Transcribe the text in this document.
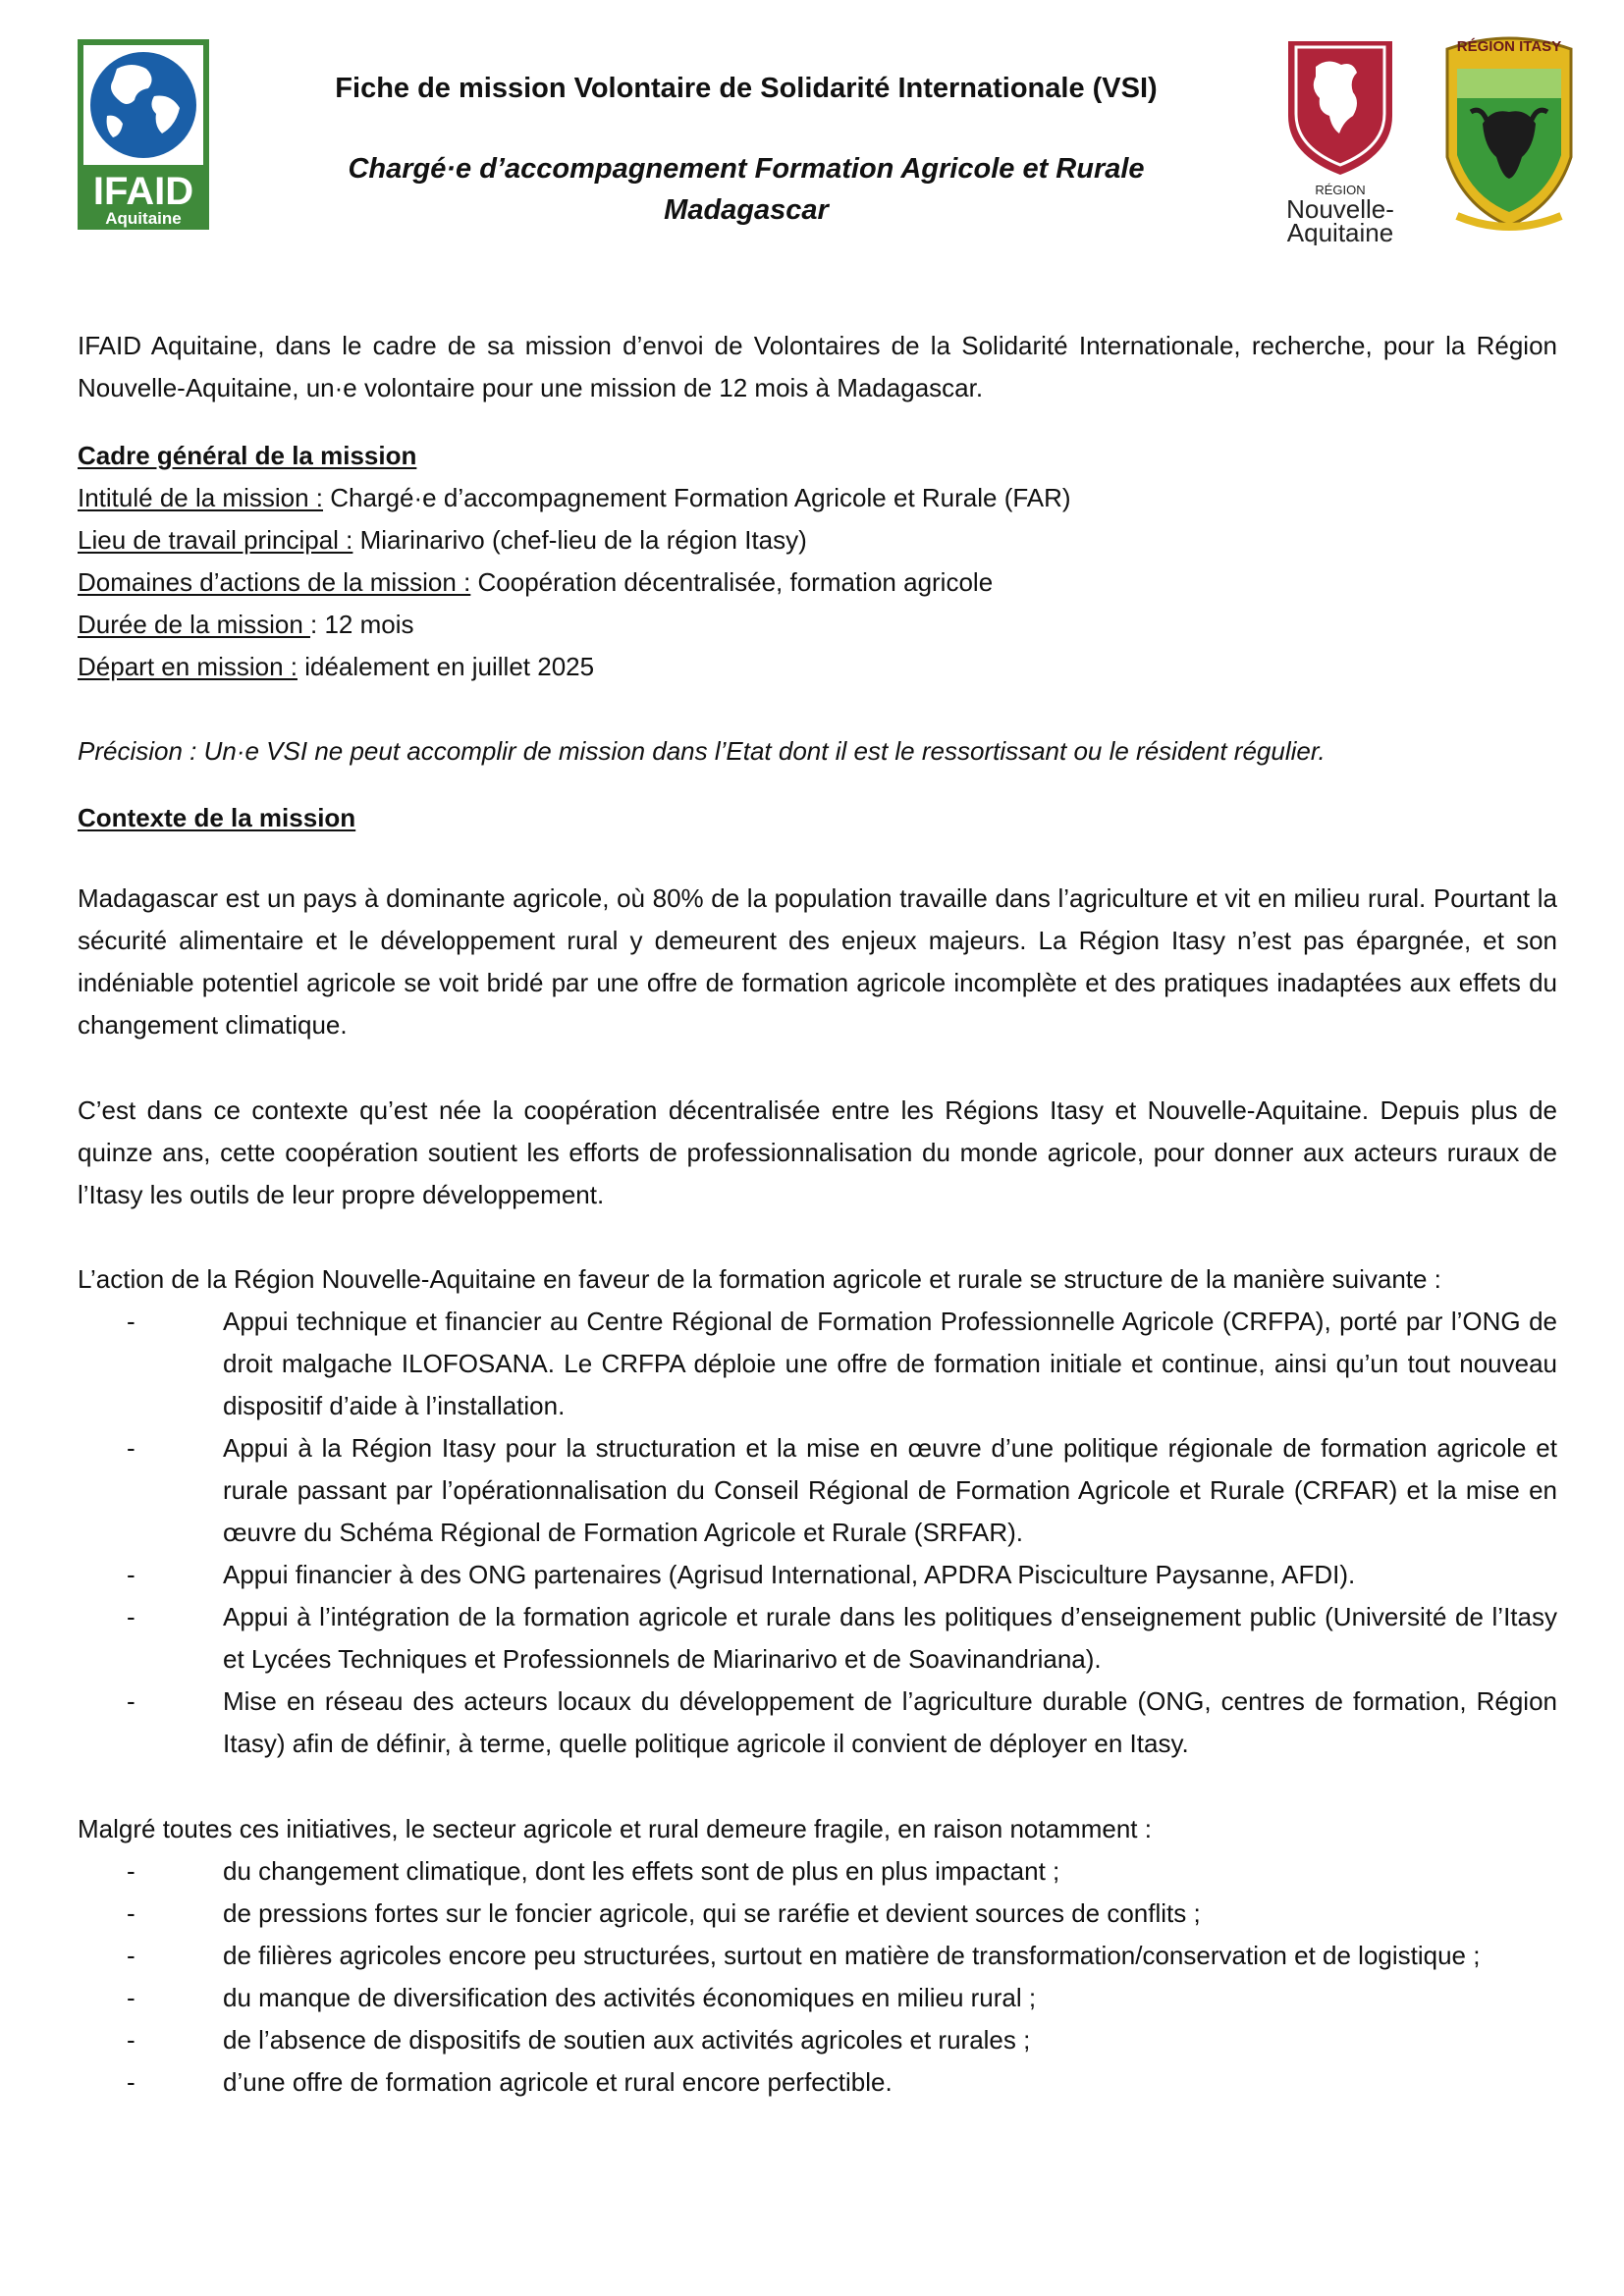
IFAID
Aquitaine
Fiche de mission Volontaire de Solidarité Internationale (VSI)
Chargé·e d’accompagnement Formation Agricole et Rurale
Madagascar
RÉGION
Nouvelle-
Aquitaine
RÉGION ITASY
IFAID Aquitaine, dans le cadre de sa mission d’envoi de Volontaires de la Solidarité Internationale, recherche, pour la Région Nouvelle-Aquitaine, un·e volontaire pour une mission de 12 mois à Madagascar.
Cadre général de la mission
Intitulé de la mission : Chargé·e d’accompagnement Formation Agricole et Rurale (FAR)
Lieu de travail principal : Miarinarivo (chef-lieu de la région Itasy)
Domaines d’actions de la mission : Coopération décentralisée, formation agricole
Durée de la mission : 12 mois
Départ en mission : idéalement en juillet 2025
Précision : Un·e VSI ne peut accomplir de mission dans l’Etat dont il est le ressortissant ou le résident régulier.
Contexte de la mission
Madagascar est un pays à dominante agricole, où 80% de la population travaille dans l’agriculture et vit en milieu rural. Pourtant la sécurité alimentaire et le développement rural y demeurent des enjeux majeurs. La Région Itasy n’est pas épargnée, et son indéniable potentiel agricole se voit bridé par une offre de formation agricole incomplète et des pratiques inadaptées aux effets du changement climatique.
C’est dans ce contexte qu’est née la coopération décentralisée entre les Régions Itasy et Nouvelle-Aquitaine. Depuis plus de quinze ans, cette coopération soutient les efforts de professionnalisation du monde agricole, pour donner aux acteurs ruraux de l’Itasy les outils de leur propre développement.
L’action de la Région Nouvelle-Aquitaine en faveur de la formation agricole et rurale se structure de la manière suivante :
-	Appui technique et financier au Centre Régional de Formation Professionnelle Agricole (CRFPA), porté par l’ONG de droit malgache ILOFOSANA. Le CRFPA déploie une offre de formation initiale et continue, ainsi qu’un tout nouveau dispositif d’aide à l’installation.
-	Appui à la Région Itasy pour la structuration et la mise en œuvre d’une politique régionale de formation agricole et rurale passant par l’opérationnalisation du Conseil Régional de Formation Agricole et Rurale (CRFAR) et la mise en œuvre du Schéma Régional de Formation Agricole et Rurale (SRFAR).
-	Appui financier à des ONG partenaires (Agrisud International, APDRA Pisciculture Paysanne, AFDI).
-	Appui à l’intégration de la formation agricole et rurale dans les politiques d’enseignement public (Université de l’Itasy et Lycées Techniques et Professionnels de Miarinarivo et de Soavinandriana).
-	Mise en réseau des acteurs locaux du développement de l’agriculture durable (ONG, centres de formation, Région Itasy) afin de définir, à terme, quelle politique agricole il convient de déployer en Itasy.
Malgré toutes ces initiatives, le secteur agricole et rural demeure fragile, en raison notamment :
-	du changement climatique, dont les effets sont de plus en plus impactant ;
-	de pressions fortes sur le foncier agricole, qui se raréfie et devient sources de conflits ;
-	de filières agricoles encore peu structurées, surtout en matière de transformation/conservation et de logistique ;
-	du manque de diversification des activités économiques en milieu rural ;
-	de l’absence de dispositifs de soutien aux activités agricoles et rurales ;
-	d’une offre de formation agricole et rural encore perfectible.
